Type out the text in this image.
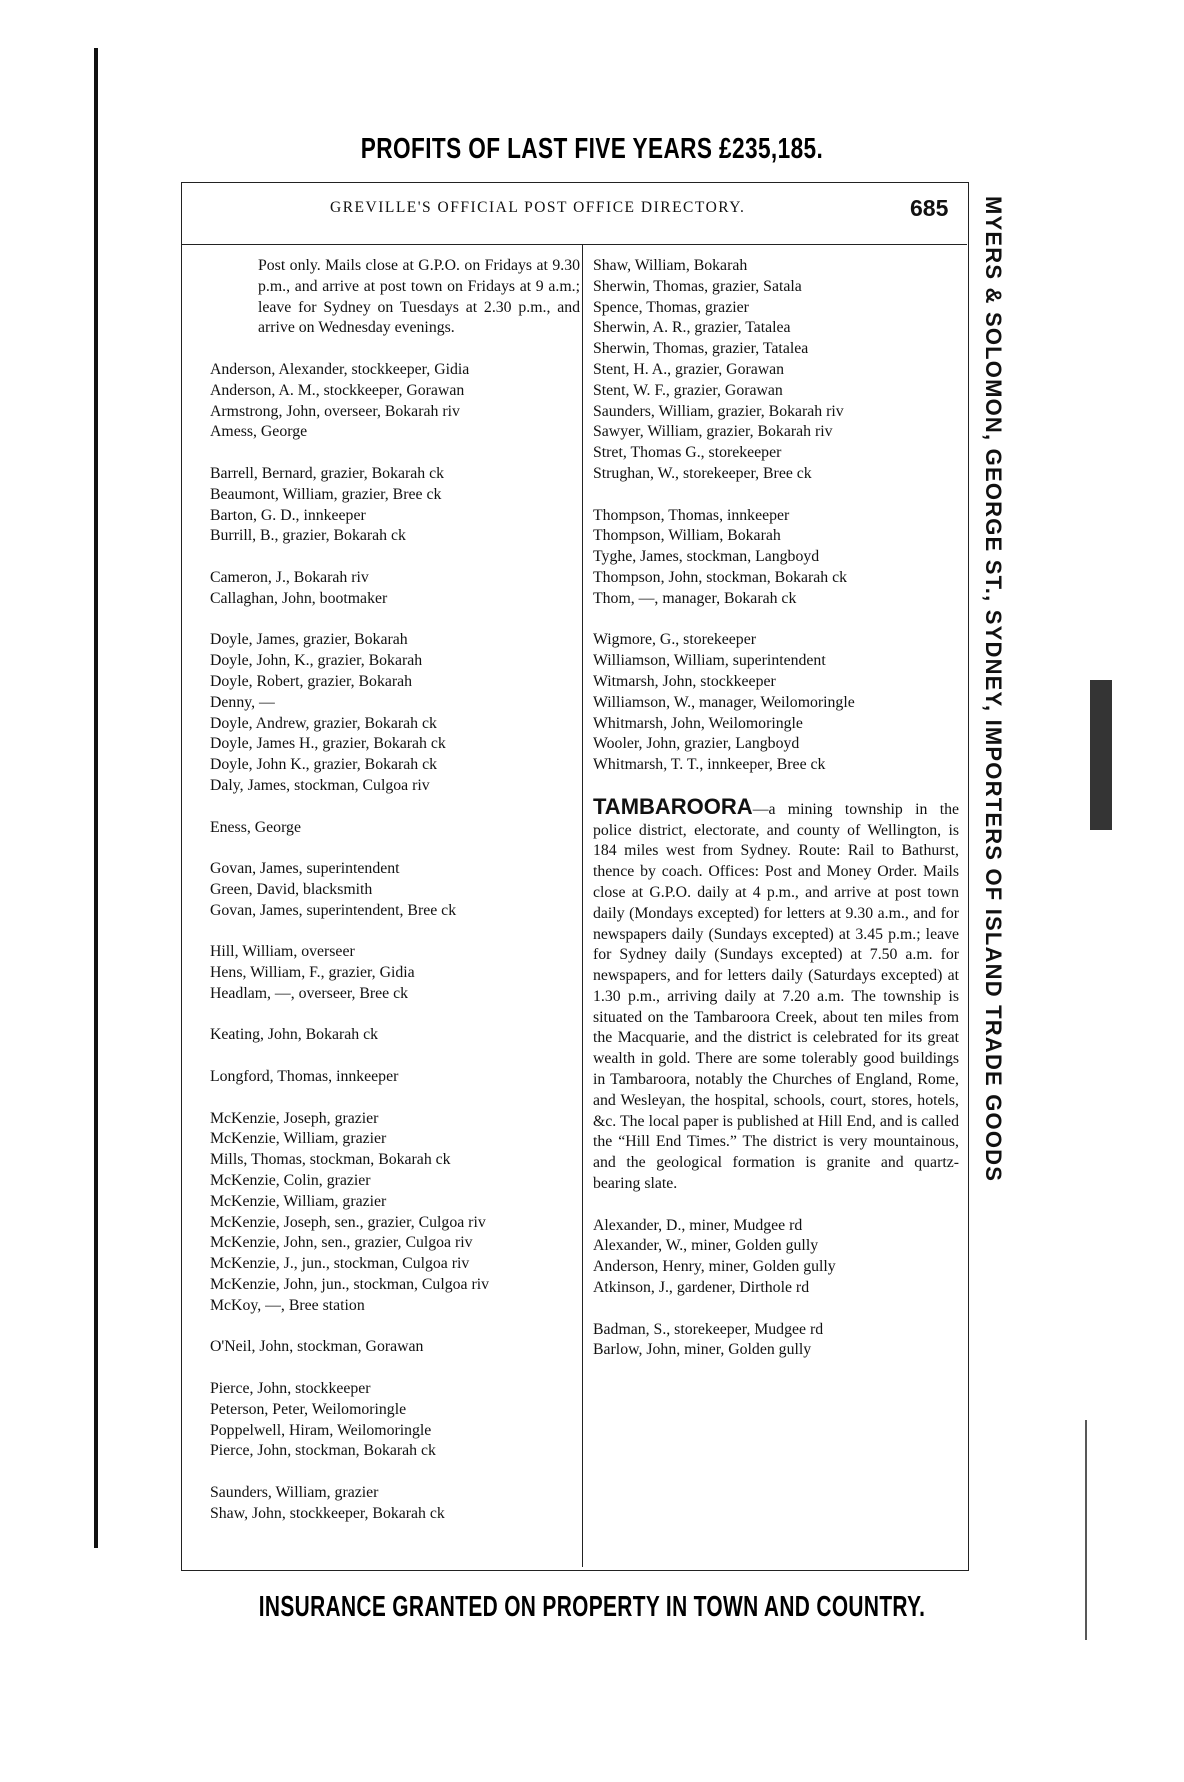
PROFITS OF LAST FIVE YEARS £235,185.
GREVILLE'S OFFICIAL POST OFFICE DIRECTORY.	685
Post only. Mails close at G.P.O. on Fridays at 9.30 p.m., and arrive at post town on Fridays at 9 a.m.; leave for Sydney on Tuesdays at 2.30 p.m., and arrive on Wednesday evenings.
Anderson, Alexander, stockkeeper, Gidia
Anderson, A. M., stockkeeper, Gorawan
Armstrong, John, overseer, Bokarah riv
Amess, George
Barrell, Bernard, grazier, Bokarah ck
Beaumont, William, grazier, Bree ck
Barton, G. D., innkeeper
Burrill, B., grazier, Bokarah ck
Cameron, J., Bokarah riv
Callaghan, John, bootmaker
Doyle, James, grazier, Bokarah
Doyle, John, K., grazier, Bokarah
Doyle, Robert, grazier, Bokarah
Denny, —
Doyle, Andrew, grazier, Bokarah ck
Doyle, James H., grazier, Bokarah ck
Doyle, John K., grazier, Bokarah ck
Daly, James, stockman, Culgoa riv
Eness, George
Govan, James, superintendent
Green, David, blacksmith
Govan, James, superintendent, Bree ck
Hill, William, overseer
Hens, William, F., grazier, Gidia
Headlam, —, overseer, Bree ck
Keating, John, Bokarah ck
Longford, Thomas, innkeeper
McKenzie, Joseph, grazier
McKenzie, William, grazier
Mills, Thomas, stockman, Bokarah ck
McKenzie, Colin, grazier
McKenzie, William, grazier
McKenzie, Joseph, sen., grazier, Culgoa riv
McKenzie, John, sen., grazier, Culgoa riv
McKenzie, J., jun., stockman, Culgoa riv
McKenzie, John, jun., stockman, Culgoa riv
McKoy, —, Bree station
O'Neil, John, stockman, Gorawan
Pierce, John, stockkeeper
Peterson, Peter, Weilomoringle
Poppelwell, Hiram, Weilomoringle
Pierce, John, stockman, Bokarah ck
Saunders, William, grazier
Shaw, John, stockkeeper, Bokarah ck
Shaw, William, Bokarah
Sherwin, Thomas, grazier, Satala
Spence, Thomas, grazier
Sherwin, A. R., grazier, Tatalea
Sherwin, Thomas, grazier, Tatalea
Stent, H. A., grazier, Gorawan
Stent, W. F., grazier, Gorawan
Saunders, William, grazier, Bokarah riv
Sawyer, William, grazier, Bokarah riv
Stret, Thomas G., storekeeper
Strughan, W., storekeeper, Bree ck
Thompson, Thomas, innkeeper
Thompson, William, Bokarah
Tyghe, James, stockman, Langboyd
Thompson, John, stockman, Bokarah ck
Thom, —, manager, Bokarah ck
Wigmore, G., storekeeper
Williamson, William, superintendent
Witmarsh, John, stockkeeper
Williamson, W., manager, Weilomoringle
Whitmarsh, John, Weilomoringle
Wooler, John, grazier, Langboyd
Whitmarsh, T. T., innkeeper, Bree ck
TAMBAROORA—a mining township in the police district, electorate, and county of Wellington, is 184 miles west from Sydney. Route: Rail to Bathurst, thence by coach. Offices: Post and Money Order. Mails close at G.P.O. daily at 4 p.m., and arrive at post town daily (Mondays excepted) for letters at 9.30 a.m., and for newspapers daily (Sundays excepted) at 3.45 p.m.; leave for Sydney daily (Sundays excepted) at 7.50 a.m. for newspapers, and for letters daily (Saturdays excepted) at 1.30 p.m., arriving daily at 7.20 a.m. The township is situated on the Tambaroora Creek, about ten miles from the Macquarie, and the district is celebrated for its great wealth in gold. There are some tolerably good buildings in Tambaroora, notably the Churches of England, Rome, and Wesleyan, the hospital, schools, court, stores, hotels, &c. The local paper is published at Hill End, and is called the “Hill End Times.” The district is very mountainous, and the geological formation is granite and quartz-bearing slate.
Alexander, D., miner, Mudgee rd
Alexander, W., miner, Golden gully
Anderson, Henry, miner, Golden gully
Atkinson, J., gardener, Dirthole rd
Badman, S., storekeeper, Mudgee rd
Barlow, John, miner, Golden gully
MYERS & SOLOMON, GEORGE ST., SYDNEY, IMPORTERS OF ISLAND TRADE GOODS
INSURANCE GRANTED ON PROPERTY IN TOWN AND COUNTRY.
